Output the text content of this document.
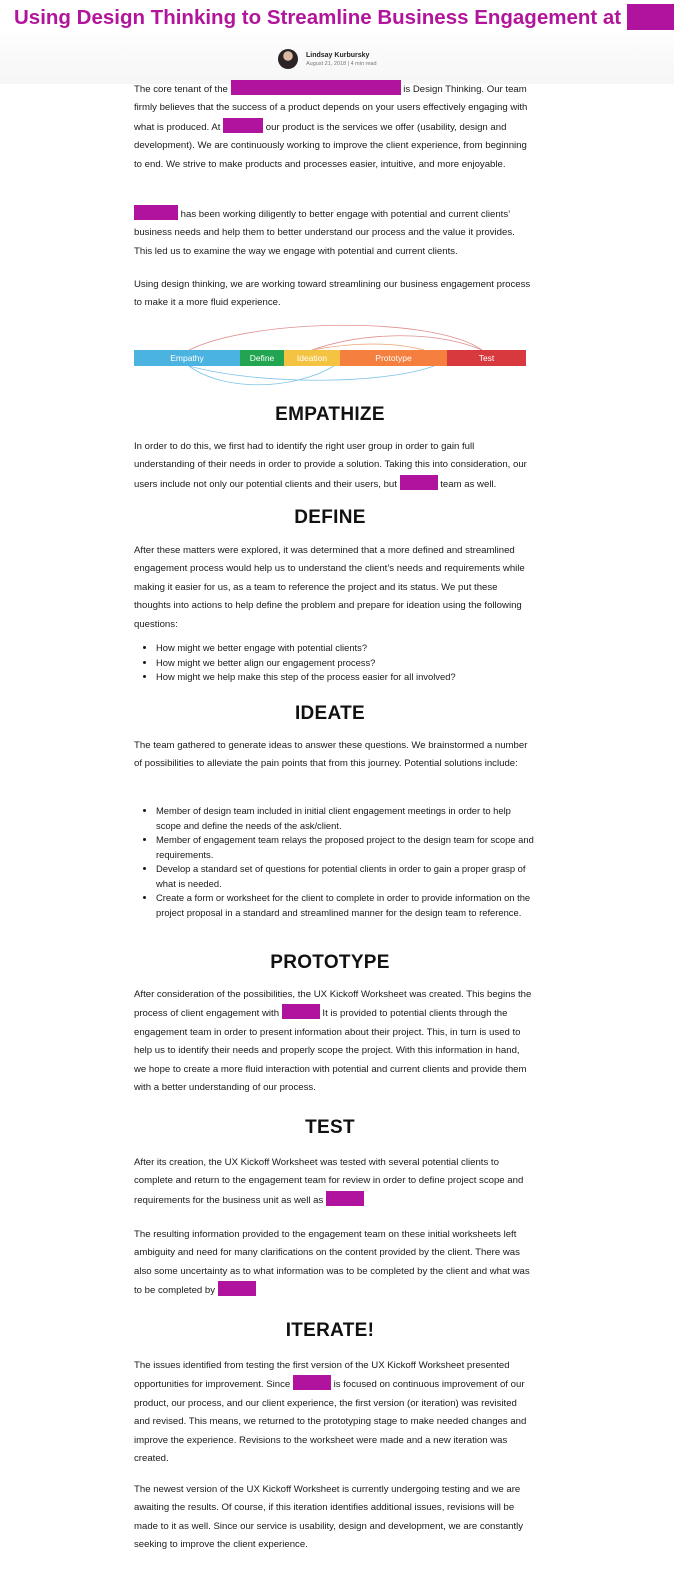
Using Design Thinking to Streamline Business Engagement at
Lindsay Kurbursky
August 21, 2018 | 4 min read

The core tenant of the	is Design Thinking. Our team firmly believes that the success of a product depends on your users effectively engaging with what is produced. At	our product is the services we offer (usability, design and development). We are continuously working to improve the client experience, from beginning to end. We strive to make products and processes easier, intuitive, and more enjoyable.

has been working diligently to better engage with potential and current clients’ business needs and help them to better understand our process and the value it provides. This led us to examine the way we engage with potential and current clients.

Using design thinking, we are working toward streamlining our business engagement process to make it a more fluid experience.

Empathy	Define	Ideation	Prototype	Test
EMPATHIZE

In order to do this, we first had to identify the right user group in order to gain full understanding of their needs in order to provide a solution. Taking this into consideration, our users include not only our potential clients and their users, but	team as well.

DEFINE

After these matters were explored, it was determined that a more defined and streamlined engagement process would help us to understand the client’s needs and requirements while making it easier for us, as a team to reference the project and its status. We put these thoughts into actions to help define the problem and prepare for ideation using the following questions:

• How might we better engage with potential clients?
• How might we better align our engagement process?
• How might we help make this step of the process easier for all involved?
IDEATE

The team gathered to generate ideas to answer these questions. We brainstormed a number of possibilities to alleviate the pain points that from this journey. Potential solutions include:

• Member of design team included in initial client engagement meetings in order to help scope and define the needs of the ask/client.
• Member of engagement team relays the proposed project to the design team for scope and requirements.
• Develop a standard set of questions for potential clients in order to gain a proper grasp of what is needed.
• Create a form or worksheet for the client to complete in order to provide information on the project proposal in a standard and streamlined manner for the design team to reference.
PROTOTYPE

After consideration of the possibilities, the UX Kickoff Worksheet was created. This begins the process of client engagement with	It is provided to potential clients through the engagement team in order to present information about their project. This, in turn is used to help us to identify their needs and properly scope the project. With this information in hand, we hope to create a more fluid interaction with potential and current clients and provide them with a better understanding of our process.

TEST

After its creation, the UX Kickoff Worksheet was tested with several potential clients to complete and return to the engagement team for review in order to define project scope and requirements for the business unit as well as

The resulting information provided to the engagement team on these initial worksheets left ambiguity and need for many clarifications on the content provided by the client. There was also some uncertainty as to what information was to be completed by the client and what was to be completed by

ITERATE!

The issues identified from testing the first version of the UX Kickoff Worksheet presented opportunities for improvement. Since	is focused on continuous improvement of our product, our process, and our client experience, the first version (or iteration) was revisited and revised. This means, we returned to the prototyping stage to make needed changes and improve the experience. Revisions to the worksheet were made and a new iteration was created.

The newest version of the UX Kickoff Worksheet is currently undergoing testing and we are awaiting the results. Of course, if this iteration identifies additional issues, revisions will be made to it as well. Since our service is usability, design and development, we are constantly seeking to improve the client experience.
